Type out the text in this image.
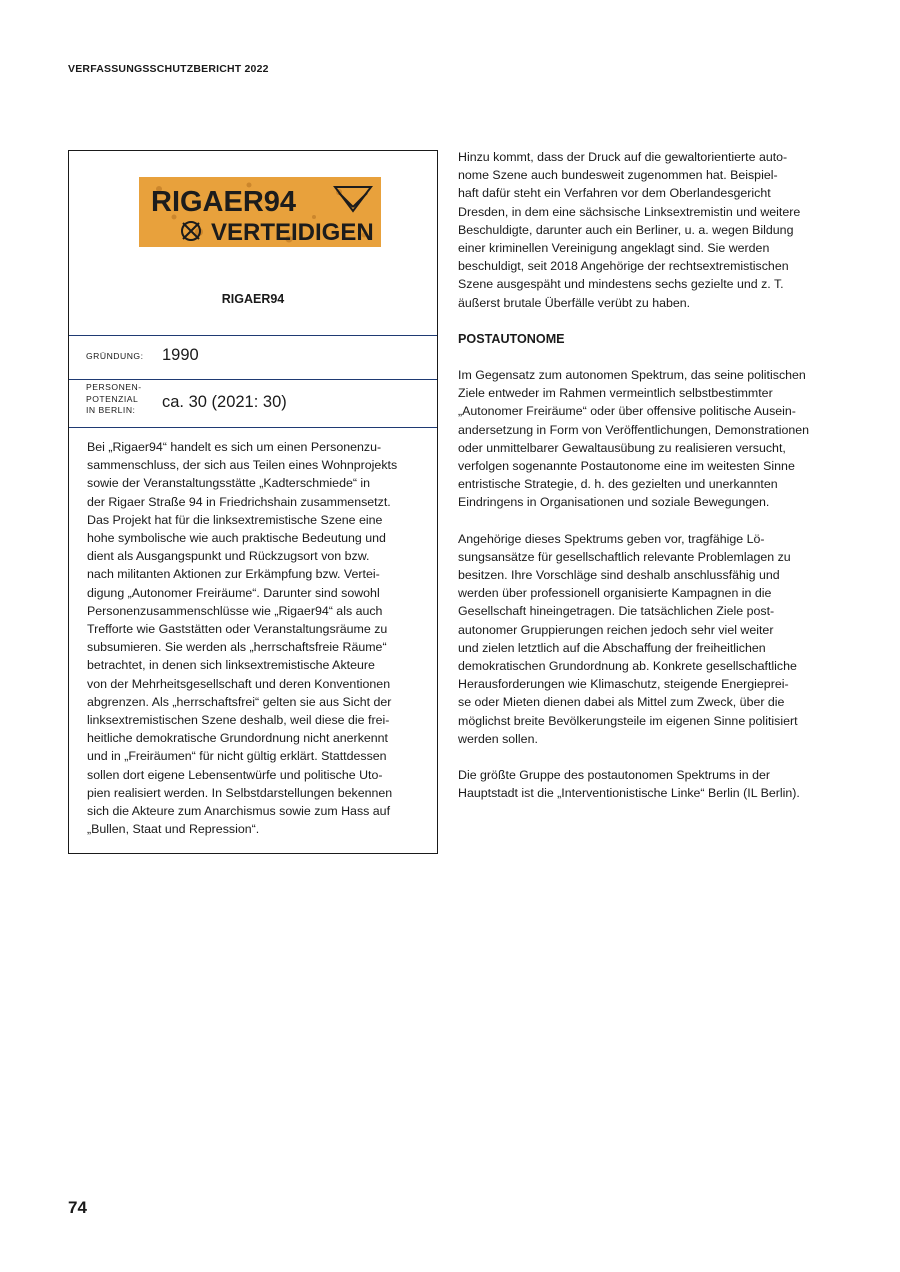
VERFASSUNGSSCHUTZBERICHT 2022
RIGAER94
VERTEIDIGEN
RIGAER94
GRÜNDUNG: 1990
PERSONEN-
POTENZIAL
IN BERLIN:	ca. 30 (2021: 30)
Bei „Rigaer94“ handelt es sich um einen Personenzu-
sammenschluss, der sich aus Teilen eines Wohnprojekts
sowie der Veranstaltungsstätte „Kadterschmiede“ in
der Rigaer Straße 94 in Friedrichshain zusammensetzt.
Das Projekt hat für die linksextremistische Szene eine
hohe symbolische wie auch praktische Bedeutung und
dient als Ausgangspunkt und Rückzugsort von bzw.
nach militanten Aktionen zur Erkämpfung bzw. Vertei-
digung „Autonomer Freiräume“. Darunter sind sowohl
Personenzusammenschlüsse wie „Rigaer94“ als auch
Trefforte wie Gaststätten oder Veranstaltungsräume zu
subsumieren. Sie werden als „herrschaftsfreie Räume“
betrachtet, in denen sich linksextremistische Akteure
von der Mehrheitsgesellschaft und deren Konventionen
abgrenzen. Als „herrschaftsfrei“ gelten sie aus Sicht der
linksextremistischen Szene deshalb, weil diese die frei-
heitliche demokratische Grundordnung nicht anerkennt
und in „Freiräumen“ für nicht gültig erklärt. Stattdessen
sollen dort eigene Lebensentwürfe und politische Uto-
pien realisiert werden. In Selbstdarstellungen bekennen
sich die Akteure zum Anarchismus sowie zum Hass auf
„Bullen, Staat und Repression“.
Hinzu kommt, dass der Druck auf die gewaltorientierte auto-
nome Szene auch bundesweit zugenommen hat. Beispiel-
haft dafür steht ein Verfahren vor dem Oberlandesgericht
Dresden, in dem eine sächsische Linksextremistin und weitere
Beschuldigte, darunter auch ein Berliner, u. a. wegen Bildung
einer kriminellen Vereinigung angeklagt sind. Sie werden
beschuldigt, seit 2018 Angehörige der rechtsextremistischen
Szene ausgespäht und mindestens sechs gezielte und z. T.
äußerst brutale Überfälle verübt zu haben.
POSTAUTONOME
Im Gegensatz zum autonomen Spektrum, das seine politischen
Ziele entweder im Rahmen vermeintlich selbstbestimmter
„Autonomer Freiräume“ oder über offensive politische Ausein-
andersetzung in Form von Veröffentlichungen, Demonstrationen
oder unmittelbarer Gewaltausübung zu realisieren versucht,
verfolgen sogenannte Postautonome eine im weitesten Sinne
entristische Strategie, d. h. des gezielten und unerkannten
Eindringens in Organisationen und soziale Bewegungen.
Angehörige dieses Spektrums geben vor, tragfähige Lö-
sungsansätze für gesellschaftlich relevante Problemlagen zu
besitzen. Ihre Vorschläge sind deshalb anschlussfähig und
werden über professionell organisierte Kampagnen in die
Gesellschaft hineingetragen. Die tatsächlichen Ziele post-
autonomer Gruppierungen reichen jedoch sehr viel weiter
und zielen letztlich auf die Abschaffung der freiheitlichen
demokratischen Grundordnung ab. Konkrete gesellschaftliche
Herausforderungen wie Klimaschutz, steigende Energieprei-
se oder Mieten dienen dabei als Mittel zum Zweck, über die
möglichst breite Bevölkerungsteile im eigenen Sinne politisiert
werden sollen.
Die größte Gruppe des postautonomen Spektrums in der
Hauptstadt ist die „Interventionistische Linke“ Berlin (IL Berlin).
74
